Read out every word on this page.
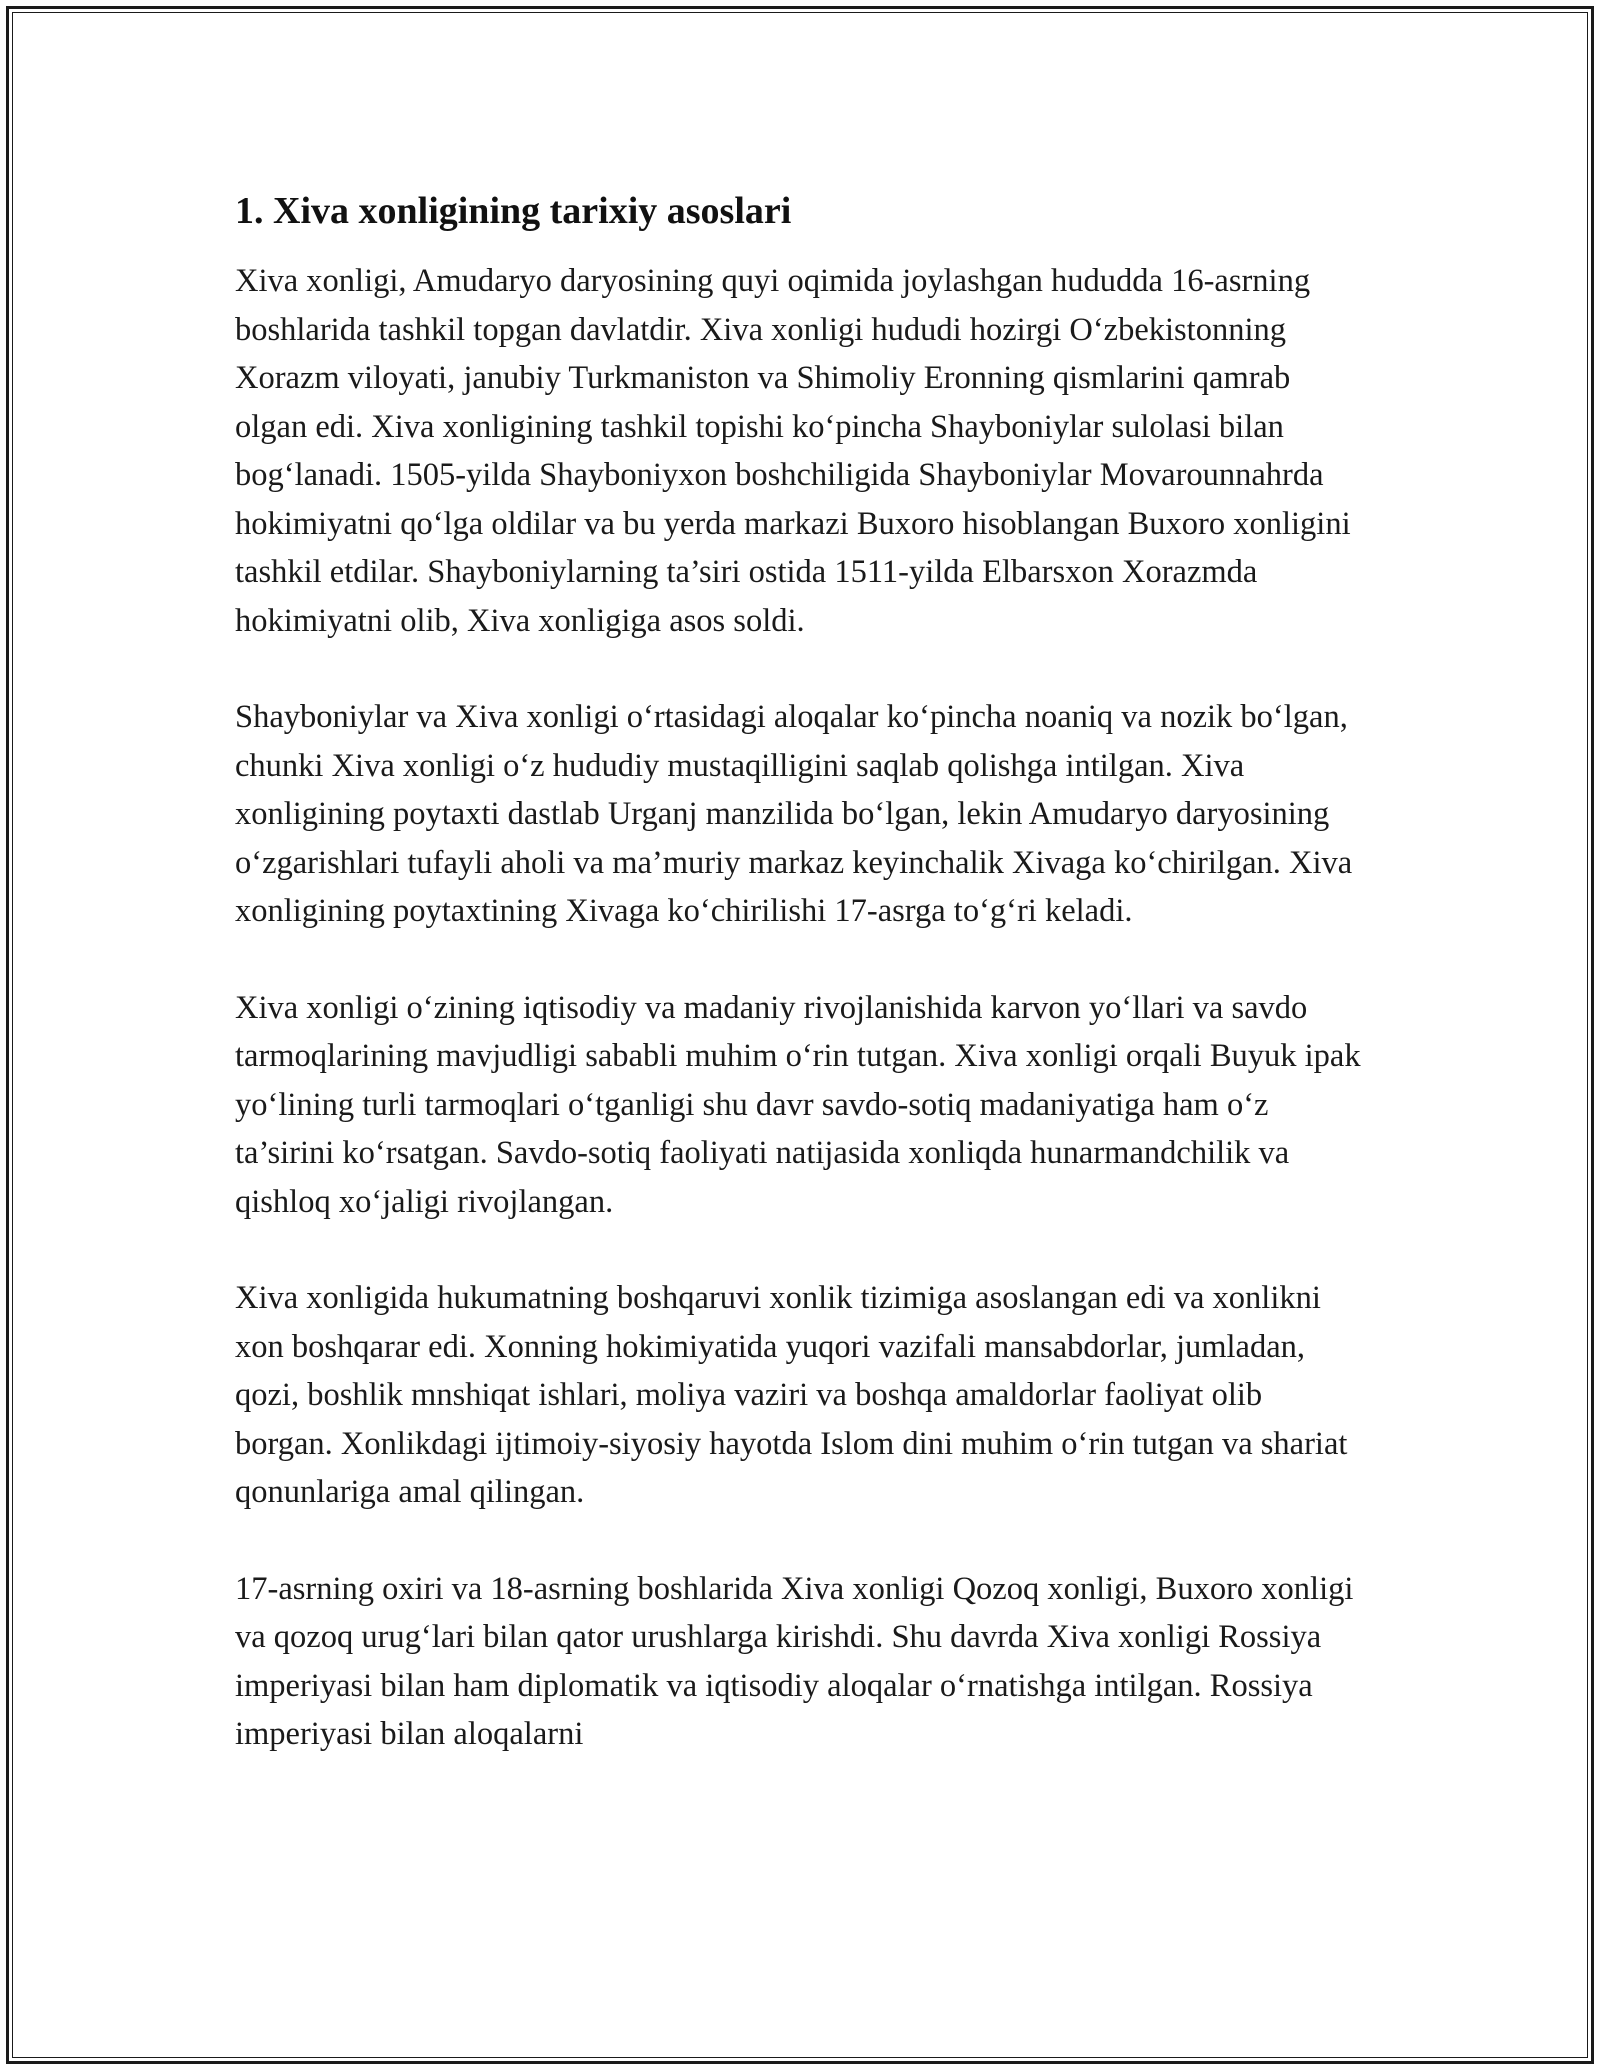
1. Xiva xonligining tarixiy asoslari

Xiva xonligi, Amudaryo daryosining quyi oqimida joylashgan hududda 16-asrning boshlarida tashkil topgan davlatdir. Xiva xonligi hududi hozirgi O‘zbekistonning Xorazm viloyati, janubiy Turkmaniston va Shimoliy Eronning qismlarini qamrab olgan edi. Xiva xonligining tashkil topishi ko‘pincha Shayboniylar sulolasi bilan bog‘lanadi. 1505-yilda Shayboniyxon boshchiligida Shayboniylar Movarounnahrda hokimiyatni qo‘lga oldilar va bu yerda markazi Buxoro hisoblangan Buxoro xonligini tashkil etdilar. Shayboniylarning ta’siri ostida 1511-yilda Elbarsxon Xorazmda hokimiyatni olib, Xiva xonligiga asos soldi.

Shayboniylar va Xiva xonligi o‘rtasidagi aloqalar ko‘pincha noaniq va nozik bo‘lgan, chunki Xiva xonligi o‘z hududiy mustaqilligini saqlab qolishga intilgan. Xiva xonligining poytaxti dastlab Urganj manzilida bo‘lgan, lekin Amudaryo daryosining o‘zgarishlari tufayli aholi va ma’muriy markaz keyinchalik Xivaga ko‘chirilgan. Xiva xonligining poytaxtining Xivaga ko‘chirilishi 17-asrga to‘g‘ri keladi.

Xiva xonligi o‘zining iqtisodiy va madaniy rivojlanishida karvon yo‘llari va savdo tarmoqlarining mavjudligi sababli muhim o‘rin tutgan. Xiva xonligi orqali Buyuk ipak yo‘lining turli tarmoqlari o‘tganligi shu davr savdo-sotiq madaniyatiga ham o‘z ta’sirini ko‘rsatgan. Savdo-sotiq faoliyati natijasida xonliqda hunarmandchilik va qishloq xo‘jaligi rivojlangan.

Xiva xonligida hukumatning boshqaruvi xonlik tizimiga asoslangan edi va xonlikni xon boshqarar edi. Xonning hokimiyatida yuqori vazifali mansabdorlar, jumladan, qozi, boshlik mnshiqat ishlari, moliya vaziri va boshqa amaldorlar faoliyat olib borgan. Xonlikdagi ijtimoiy-siyosiy hayotda Islom dini muhim o‘rin tutgan va shariat qonunlariga amal qilingan.

17-asrning oxiri va 18-asrning boshlarida Xiva xonligi Qozoq xonligi, Buxoro xonligi va qozoq urug‘lari bilan qator urushlarga kirishdi. Shu davrda Xiva xonligi Rossiya imperiyasi bilan ham diplomatik va iqtisodiy aloqalar o‘rnatishga intilgan. Rossiya imperiyasi bilan aloqalarni
